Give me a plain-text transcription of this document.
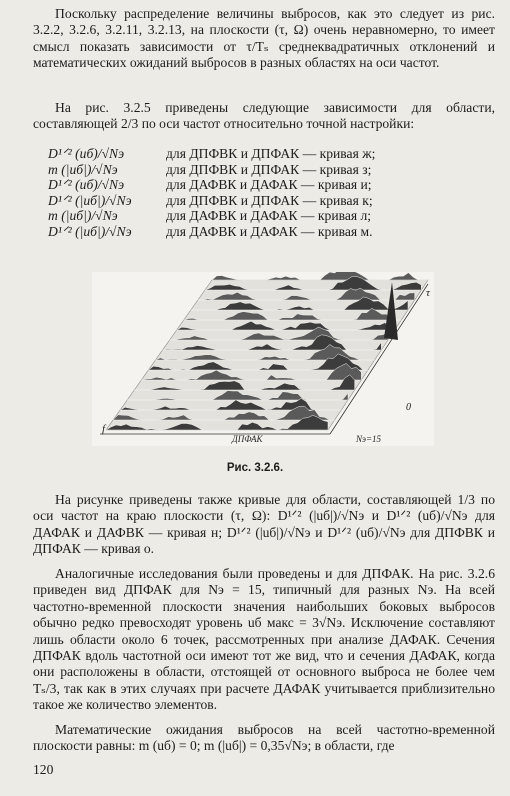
Поскольку распределение величины выбросов, как это следует из рис. 3.2.2, 3.2.6, 3.2.11, 3.2.13, на плоскости (τ, Ω) очень неравномерно, то имеет смысл показать зависимости от τ/Tₛ среднеквадратичных отклонений и математических ожиданий выбросов в разных областях на оси частот.

На рис. 3.2.5 приведены следующие зависимости для области, составляющей 2/3 по оси частот относительно точной настройки:

D¹ᐟ² (uб)/√Nэ	для ДПФВК и ДПФАК — кривая ж;
m (|uб|)/√Nэ	для ДПФВК и ДПФАК — кривая з;
D¹ᐟ² (uб)/√Nэ	для ДАФВК и ДАФАК — кривая и;
D¹ᐟ² (|uб|)/√Nэ	для ДПФВК и ДПФАК — кривая к;
m (|uб|)/√Nэ	для ДАФВК и ДАФАК — кривая л;
D¹ᐟ² (|uб|)/√Nэ	для ДАФВК и ДАФАК — кривая м.
f
τ
0
ДПФАК	Nэ=15
Рис. 3.2.6.

На рисунке приведены также кривые для области, составляющей 1/3 по оси частот на краю плоскости (τ, Ω): D¹ᐟ² (|uб|)/√Nэ и D¹ᐟ² (uб)/√Nэ для ДАФАК и ДАФВК — кривая н; D¹ᐟ² (|uб|)/√Nэ и D¹ᐟ² (uб)/√Nэ для ДПФВК и ДПФАК — кривая о.

Аналогичные исследования были проведены и для ДПФАК. На рис. 3.2.6 приведен вид ДПФАК для Nэ = 15, типичный для разных Nэ. На всей частотно-временной плоскости значения наибольших боковых выбросов обычно редко превосходят уровень uб макс = 3√Nэ. Исключение составляют лишь области около 6 точек, рассмотренных при анализе ДАФАК. Сечения ДПФАК вдоль частотной оси имеют тот же вид, что и сечения ДАФАК, когда они расположены в области, отстоящей от основного выброса не более чем Tₛ/3, так как в этих случаях при расчете ДАФАК учитывается приблизительно такое же количество элементов.

Математические ожидания выбросов на всей частотно-временной плоскости равны: m (uб) = 0; m (|uб|) = 0,35√Nэ; в области, где

120
